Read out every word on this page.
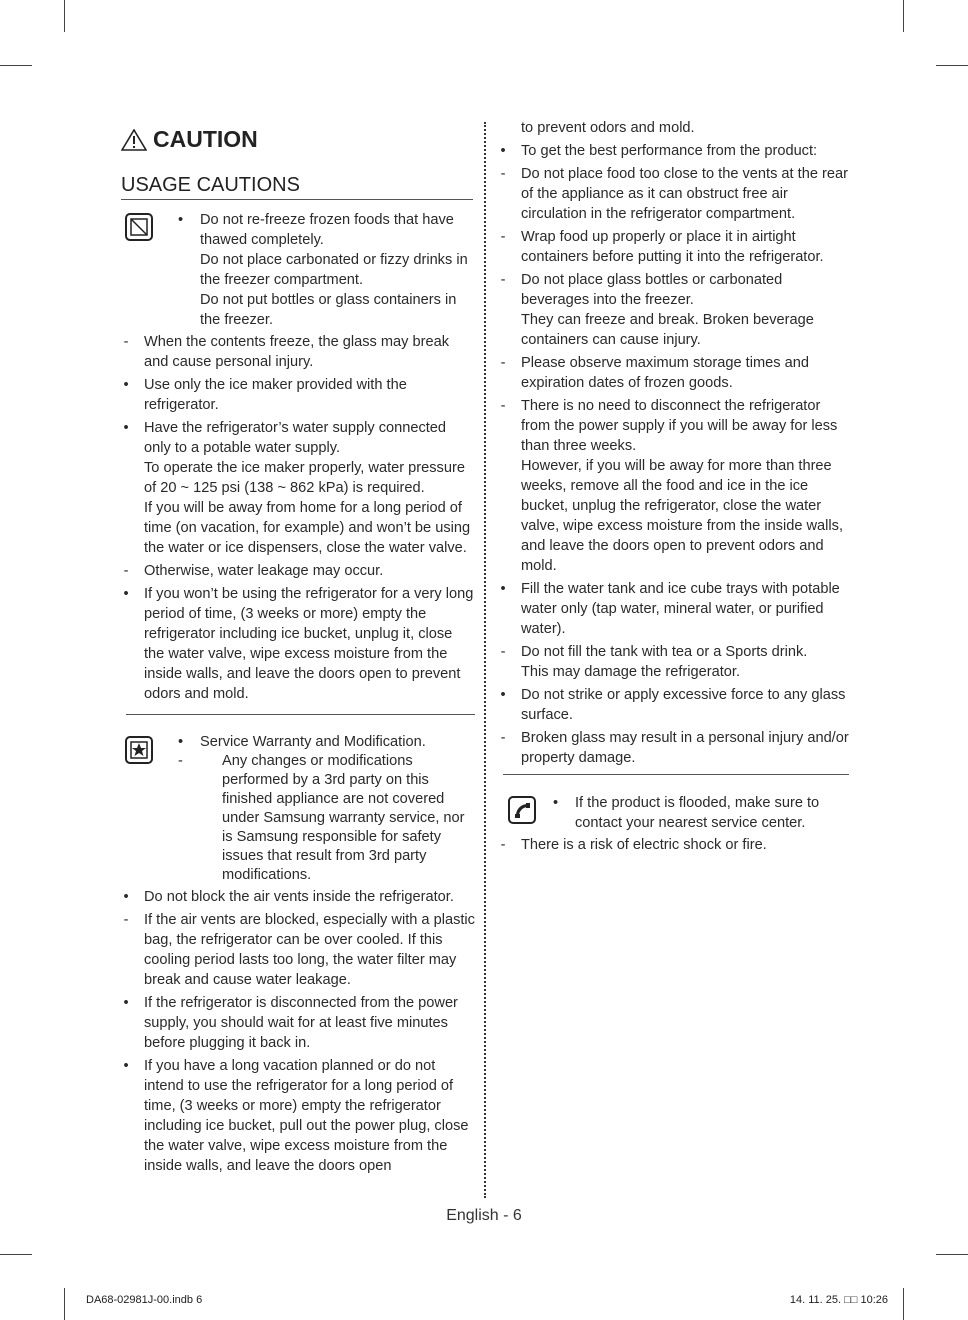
CAUTION
USAGE CAUTIONS
• Do not re-freeze frozen foods that have thawed completely.
Do not place carbonated or fizzy drinks in the freezer compartment.
Do not put bottles or glass containers in the freezer.
- When the contents freeze, the glass may break and cause personal injury.
• Use only the ice maker provided with the refrigerator.
• Have the refrigerator’s water supply connected only to a potable water supply.
To operate the ice maker properly, water pressure of 20 ~ 125 psi (138 ~ 862 kPa) is required.
If you will be away from home for a long period of time (on vacation, for example) and won’t be using the water or ice dispensers, close the water valve.
- Otherwise, water leakage may occur.
• If you won’t be using the refrigerator for a very long period of time, (3 weeks or more) empty the refrigerator including ice bucket, unplug it, close the water valve, wipe excess moisture from the inside walls, and leave the doors open to prevent odors and mold.
• Service Warranty and Modification.
-	Any changes or modifications performed by a 3rd party on this finished appliance are not covered under Samsung warranty service, nor is Samsung responsible for safety issues that result from 3rd party modifications.
• Do not block the air vents inside the refrigerator.
- If the air vents are blocked, especially with a plastic bag, the refrigerator can be over cooled. If this cooling period lasts too long, the water filter may break and cause water leakage.
• If the refrigerator is disconnected from the power supply, you should wait for at least five minutes before plugging it back in.
• If you have a long vacation planned or do not intend to use the refrigerator for a long period of time, (3 weeks or more) empty the refrigerator including ice bucket, pull out the power plug, close the water valve, wipe excess moisture from the inside walls, and leave the doors open
to prevent odors and mold.
• To get the best performance from the product:
- Do not place food too close to the vents at the rear of the appliance as it can obstruct free air circulation in the refrigerator compartment.
- Wrap food up properly or place it in airtight containers before putting it into the refrigerator.
- Do not place glass bottles or carbonated beverages into the freezer.
They can freeze and break. Broken beverage containers can cause injury.
- Please observe maximum storage times and expiration dates of frozen goods.
- There is no need to disconnect the refrigerator from the power supply if you will be away for less than three weeks.
However, if you will be away for more than three weeks, remove all the food and ice in the ice bucket, unplug the refrigerator, close the water valve, wipe excess moisture from the inside walls, and leave the doors open to prevent odors and mold.
• Fill the water tank and ice cube trays with potable water only (tap water, mineral water, or purified water).
- Do not fill the tank with tea or a Sports drink.
This may damage the refrigerator.
• Do not strike or apply excessive force to any glass surface.
- Broken glass may result in a personal injury and/or property damage.
• If the product is flooded, make sure to contact your nearest service center.
- There is a risk of electric shock or fire.
English - 6
DA68-02981J-00.indb 6	14. 11. 25. □□ 10:26
